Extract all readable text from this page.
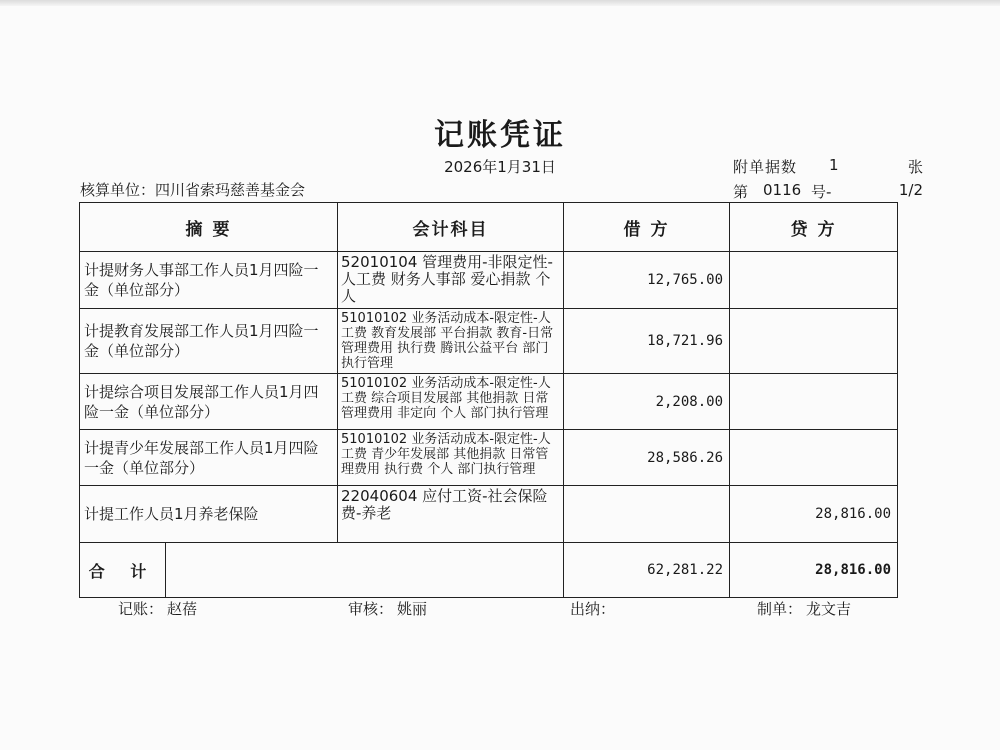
记账凭证
2026年1月31日	附单据数	1	张
核算单位：四川省索玛慈善基金会	第 0116 号-	1/2
摘 要		会计科目	借 方	贷 方
计提财务人事部工作人员1月四险一金（单位部分）		52010104 管理费用-非限定性-人工费 财务人事部 爱心捐款 个人	12,765.00	
计提教育发展部工作人员1月四险一金（单位部分）		51010102 业务活动成本-限定性-人工费 教育发展部 平台捐款 教育-日常管理费用 执行费 腾讯公益平台 部门执行管理	18,721.96	
计提综合项目发展部工作人员1月四险一金（单位部分）		51010102 业务活动成本-限定性-人工费 综合项目发展部 其他捐款 日常管理费用 非定向 个人 部门执行管理	2,208.00	
计提青少年发展部工作人员1月四险一金（单位部分）		51010102 业务活动成本-限定性-人工费 青少年发展部 其他捐款 日常管理费用 执行费 个人 部门执行管理	28,586.26	
计提工作人员1月养老保险		22040604 应付工资-社会保险费-养老		28,816.00
合 计			62,281.22	28,816.00
记账： 赵蓓	审核： 姚丽	出纳：	制单： 龙文吉
